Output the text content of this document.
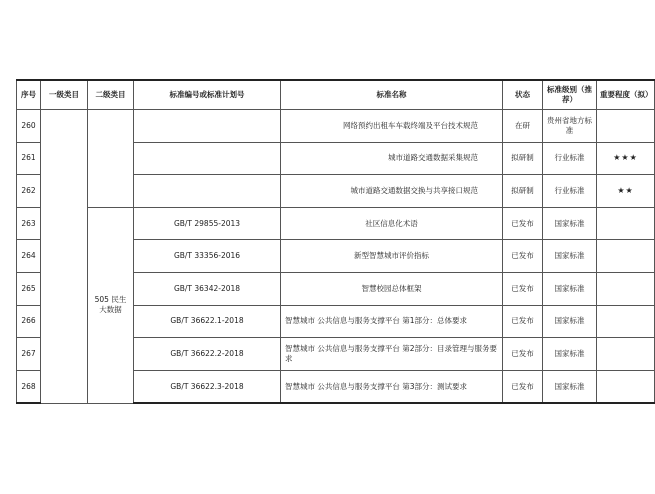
序号	一级类目	二级类目	标准编号或标准计划号	标准名称	状态	标准级别（推荐）	重要程度（拟）
260				网络预约出租车车载终端及平台技术规范	在研	贵州省地方标准	
261				城市道路交通数据采集规范	拟研制	行业标准	★★★
262				城市道路交通数据交换与共享接口规范	拟研制	行业标准	★★
263		505 民生大数据	GB/T 29855-2013	社区信息化术语	已发布	国家标准	
264			GB/T 33356-2016	新型智慧城市评价指标	已发布	国家标准	
265			GB/T 36342-2018	智慧校园总体框架	已发布	国家标准	
266			GB/T 36622.1-2018	智慧城市 公共信息与服务支撑平台 第1部分：总体要求	已发布	国家标准	
267			GB/T 36622.2-2018	智慧城市 公共信息与服务支撑平台 第2部分：目录管理与服务要求	已发布	国家标准	
268			GB/T 36622.3-2018	智慧城市 公共信息与服务支撑平台 第3部分：测试要求	已发布	国家标准	
